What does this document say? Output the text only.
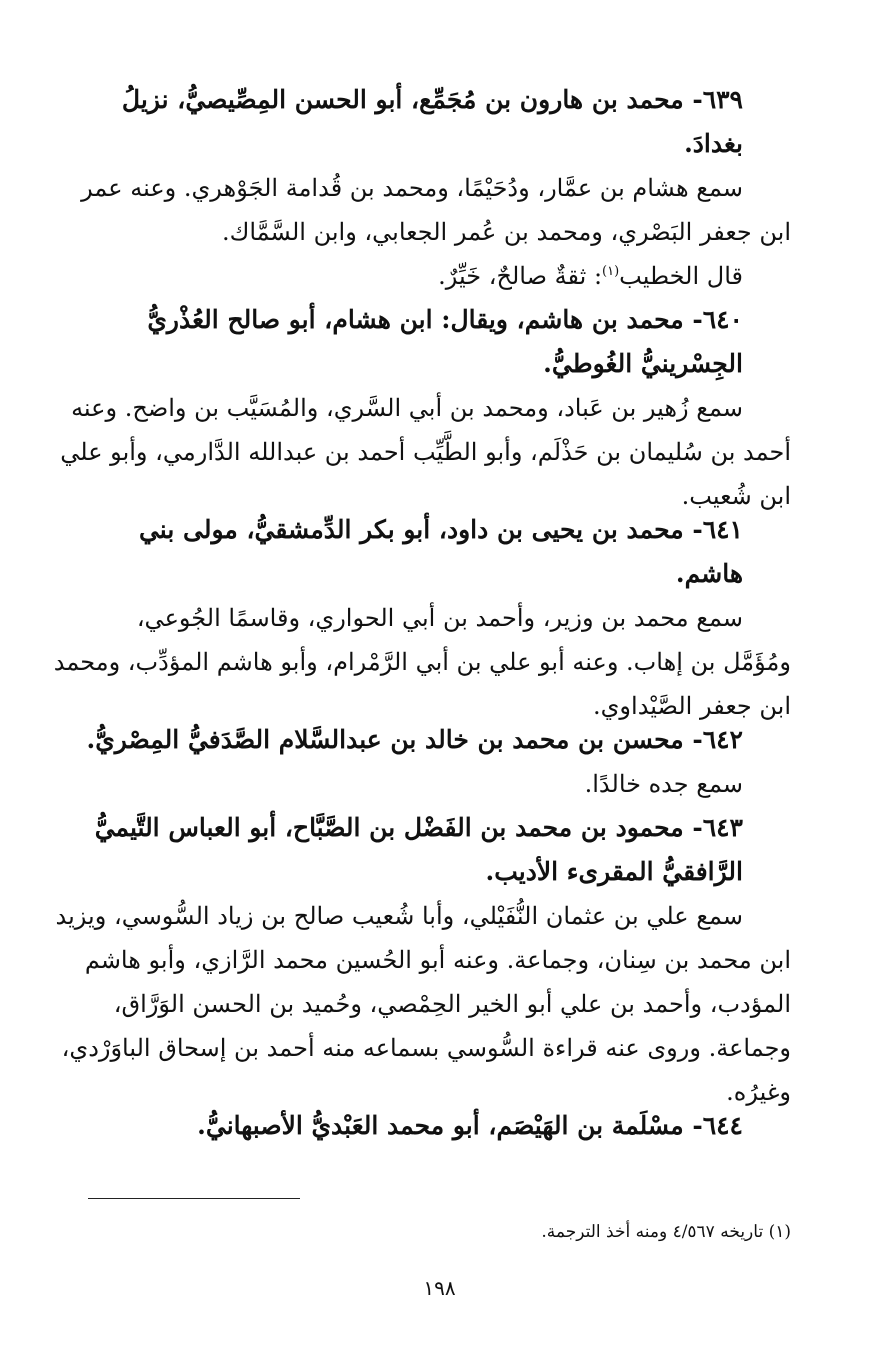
٦٣٩- محمد بن هارون بن مُجَمِّع، أبو الحسن المِصِّيصيُّ، نزيلُ
بغدادَ.
سمع هشام بن عمَّار، ودُحَيْمًا، ومحمد بن قُدامة الجَوْهري. وعنه عمر
ابن جعفر البَصْري، ومحمد بن عُمر الجعابي، وابن السَّمَّاك.
قال الخطيب$^{(١)}$: ثقةٌ صالحٌ، خَيِّرٌ.
٦٤٠- محمد بن هاشم، ويقال: ابن هشام، أبو صالح العُذْريُّ
الجِسْرينيُّ الغُوطيُّ.
سمع زُهير بن عَباد، ومحمد بن أبي السَّري، والمُسَيَّب بن واضح. وعنه
أحمد بن سُليمان بن حَذْلَم، وأبو الطَّيِّب أحمد بن عبدالله الدَّارمي، وأبو علي
ابن شُعيب.
٦٤١- محمد بن يحيى بن داود، أبو بكر الدِّمشقيُّ، مولى بني
هاشم.
سمع محمد بن وزير، وأحمد بن أبي الحواري، وقاسمًا الجُوعي،
ومُؤَمَّل بن إهاب. وعنه أبو علي بن أبي الرَّمْرام، وأبو هاشم المؤدِّب، ومحمد
ابن جعفر الصَّيْداوي.
٦٤٢- محسن بن محمد بن خالد بن عبدالسَّلام الصَّدَفيُّ المِصْريُّ.
سمع جده خالدًا.
٦٤٣- محمود بن محمد بن الفَضْل بن الصَّبَّاح، أبو العباس التَّيميُّ
الرَّافقيُّ المقرىء الأديب.
سمع علي بن عثمان النُّفَيْلي، وأبا شُعيب صالح بن زياد السُّوسي، ويزيد
ابن محمد بن سِنان، وجماعة. وعنه أبو الحُسين محمد الرَّازي، وأبو هاشم
المؤدب، وأحمد بن علي أبو الخير الحِمْصي، وحُميد بن الحسن الوَرَّاق،
وجماعة. وروى عنه قراءة السُّوسي بسماعه منه أحمد بن إسحاق الباوَرْدي،
وغيرُه.
٦٤٤- مسْلَمة بن الهَيْصَم، أبو محمد العَبْديُّ الأصبهانيُّ.
(١) تاريخه ٤/٥٦٧ ومنه أخذ الترجمة.
١٩٨
